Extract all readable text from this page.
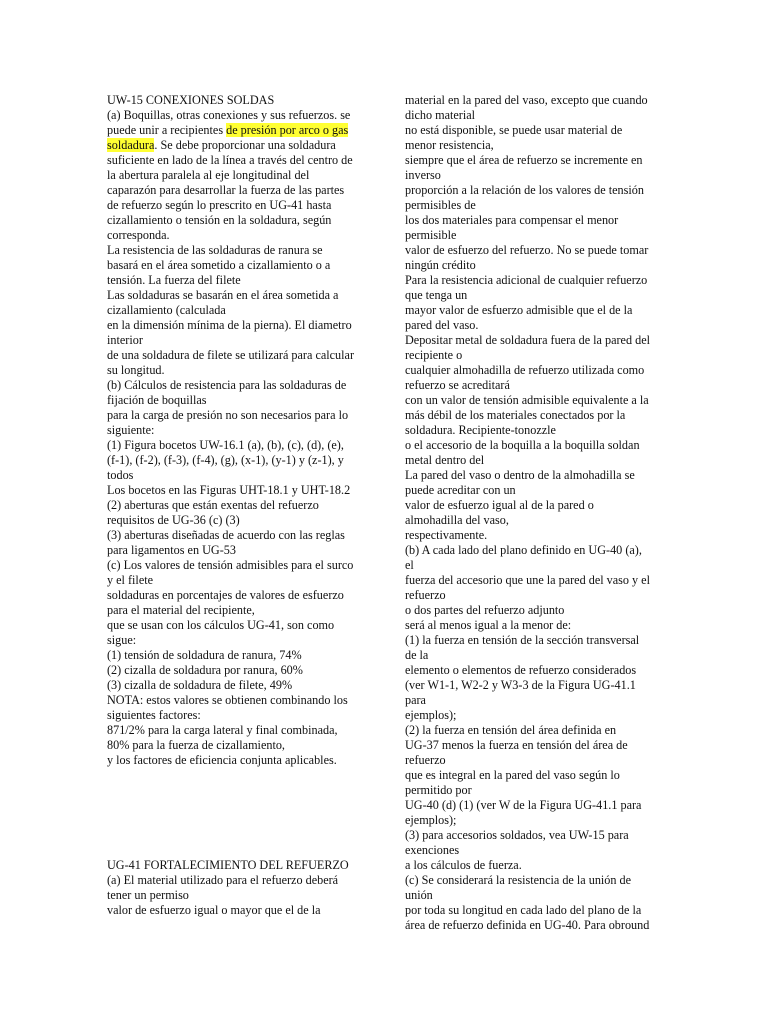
UW-15 CONEXIONES SOLDAS
(a) Boquillas, otras conexiones y sus refuerzos. se
puede unir a recipientes de presión por arco o gas
soldadura. Se debe proporcionar una soldadura
suficiente en lado de la línea a través del centro de
la abertura paralela al eje longitudinal del
caparazón para desarrollar la fuerza de las partes
de refuerzo según lo prescrito en UG-41 hasta
cizallamiento o tensión en la soldadura, según
corresponda.
La resistencia de las soldaduras de ranura se
basará en el área sometido a cizallamiento o a
tensión. La fuerza del filete
Las soldaduras se basarán en el área sometida a
cizallamiento (calculada
en la dimensión mínima de la pierna). El diametro
interior
de una soldadura de filete se utilizará para calcular
su longitud.
(b) Cálculos de resistencia para las soldaduras de
fijación de boquillas
para la carga de presión no son necesarios para lo
siguiente:
(1) Figura bocetos UW-16.1 (a), (b), (c), (d), (e),
(f-1), (f-2), (f-3), (f-4), (g), (x-1), (y-1) y (z-1), y
todos
Los bocetos en las Figuras UHT-18.1 y UHT-18.2
(2) aberturas que están exentas del refuerzo
requisitos de UG-36 (c) (3)
(3) aberturas diseñadas de acuerdo con las reglas
para ligamentos en UG-53
(c) Los valores de tensión admisibles para el surco
y el filete
soldaduras en porcentajes de valores de esfuerzo
para el material del recipiente,
que se usan con los cálculos UG-41, son como
sigue:
(1) tensión de soldadura de ranura, 74%
(2) cizalla de soldadura por ranura, 60%
(3) cizalla de soldadura de filete, 49%
NOTA: estos valores se obtienen combinando los
siguientes factores:
871/2% para la carga lateral y final combinada,
80% para la fuerza de cizallamiento,
y los factores de eficiencia conjunta aplicables.
UG-41 FORTALECIMIENTO DEL REFUERZO
(a) El material utilizado para el refuerzo deberá
tener un permiso
valor de esfuerzo igual o mayor que el de la
material en la pared del vaso, excepto que cuando
dicho material
no está disponible, se puede usar material de
menor resistencia,
siempre que el área de refuerzo se incremente en
inverso
proporción a la relación de los valores de tensión
permisibles de
los dos materiales para compensar el menor
permisible
valor de esfuerzo del refuerzo. No se puede tomar
ningún crédito
Para la resistencia adicional de cualquier refuerzo
que tenga un
mayor valor de esfuerzo admisible que el de la
pared del vaso.
Depositar metal de soldadura fuera de la pared del
recipiente o
cualquier almohadilla de refuerzo utilizada como
refuerzo se acreditará
con un valor de tensión admisible equivalente a la
más débil de los materiales conectados por la
soldadura. Recipiente-tonozzle
o el accesorio de la boquilla a la boquilla soldan
metal dentro del
La pared del vaso o dentro de la almohadilla se
puede acreditar con un
valor de esfuerzo igual al de la pared o
almohadilla del vaso,
respectivamente.
(b) A cada lado del plano definido en UG-40 (a),
el
fuerza del accesorio que une la pared del vaso y el
refuerzo
o dos partes del refuerzo adjunto
será al menos igual a la menor de:
(1) la fuerza en tensión de la sección transversal
de la
elemento o elementos de refuerzo considerados
(ver W1-1, W2-2 y W3-3 de la Figura UG-41.1
para
ejemplos);
(2) la fuerza en tensión del área definida en
UG-37 menos la fuerza en tensión del área de
refuerzo
que es integral en la pared del vaso según lo
permitido por
UG-40 (d) (1) (ver W de la Figura UG-41.1 para
ejemplos);
(3) para accesorios soldados, vea UW-15 para
exenciones
a los cálculos de fuerza.
(c) Se considerará la resistencia de la unión de
unión
por toda su longitud en cada lado del plano de la
área de refuerzo definida en UG-40. Para obround
